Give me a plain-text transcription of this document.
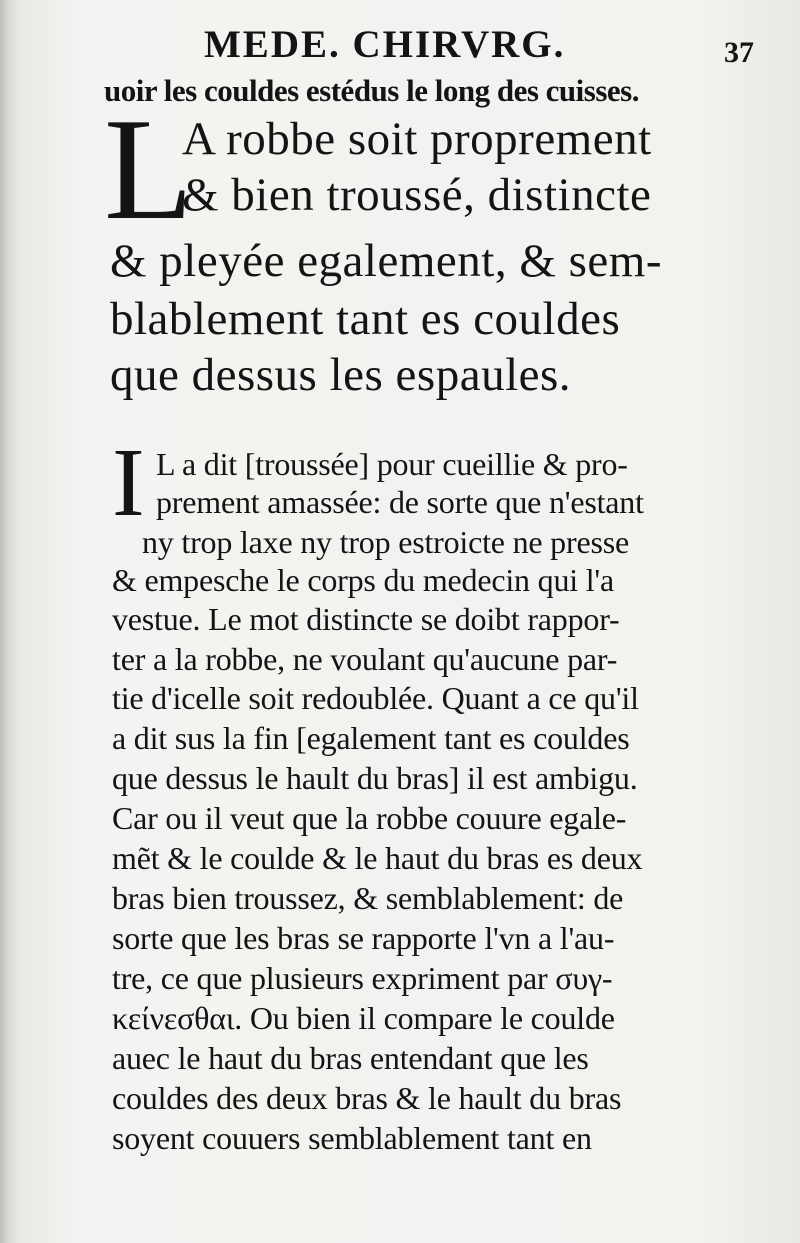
MEDE. CHIRVRG.	37
uoir les couldes estédus le long des cuisses.
L
A robbe soit proprement
& bien troussé, distincte
& pleyée egalement, & sem-
blablement tant es couldes
que dessus les espaules.
I L a dit [troussée] pour cueillie & pro-
prement amassée: de sorte que n'estant
ny trop laxe ny trop estroicte ne presse
& empesche le corps du medecin qui l'a
vestue. Le mot distincte se doibt rappor-
ter a la robbe, ne voulant qu'aucune par-
tie d'icelle soit redoublée. Quant a ce qu'il
a dit sus la fin [egalement tant es couldes
que dessus le hault du bras] il est ambigu.
Car ou il veut que la robbe couure egale-
mẽt & le coulde & le haut du bras es deux
bras bien troussez, & semblablement: de
sorte que les bras se rapporte l'vn a l'au-
tre, ce que plusieurs expriment par συγ-
κείνεσθαι. Ou bien il compare le coulde
auec le haut du bras entendant que les
couldes des deux bras & le hault du bras
soyent couuers semblablement tant en
